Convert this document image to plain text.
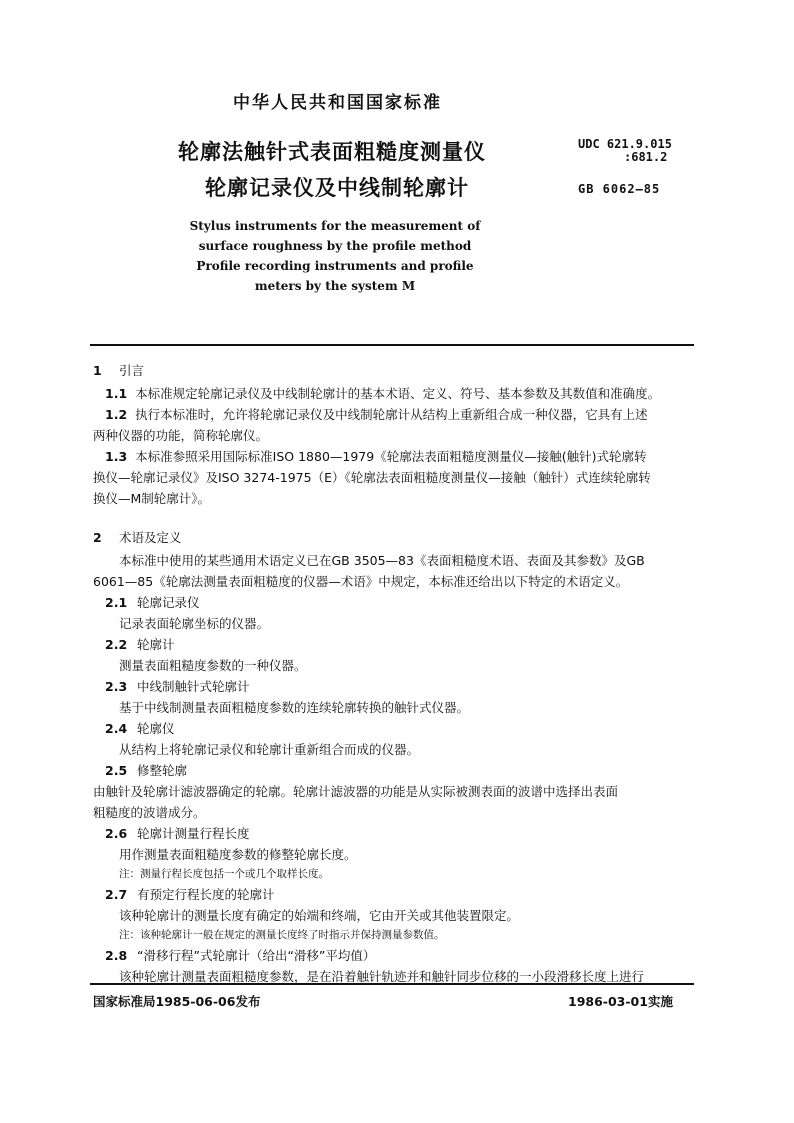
中华人民共和国国家标准
轮廓法触针式表面粗糙度测量仪
轮廓记录仪及中线制轮廓计
UDC 621.9.015
:681.2
GB 6062—85
Stylus instruments for the measurement of
surface roughness by the profile method
Profile recording instruments and profile
meters by the system M
1 引言
1.1 本标准规定轮廓记录仪及中线制轮廓计的基本术语、定义、符号、基本参数及其数值和准确度。
1.2 执行本标准时，允许将轮廓记录仪及中线制轮廓计从结构上重新组合成一种仪器，它具有上述
两种仪器的功能，简称轮廓仪。
1.3 本标准参照采用国际标准ISO 1880—1979《轮廓法表面粗糙度测量仪—接触(触针)式轮廓转
换仪—轮廓记录仪》及ISO 3274-1975（E）《轮廓法表面粗糙度测量仪—接触（触针）式连续轮廓转
换仪—M制轮廓计》。
2 术语及定义
本标准中使用的某些通用术语定义已在GB 3505—83《表面粗糙度术语、表面及其参数》及GB
6061—85《轮廓法测量表面粗糙度的仪器—术语》中规定，本标准还给出以下特定的术语定义。
2.1 轮廓记录仪
记录表面轮廓坐标的仪器。
2.2 轮廓计
测量表面粗糙度参数的一种仪器。
2.3 中线制触针式轮廓计
基于中线制测量表面粗糙度参数的连续轮廓转换的触针式仪器。
2.4 轮廓仪
从结构上将轮廓记录仪和轮廓计重新组合而成的仪器。
2.5 修整轮廓
由触针及轮廓计滤波器确定的轮廓。轮廓计滤波器的功能是从实际被测表面的波谱中选择出表面
粗糙度的波谱成分。
2.6 轮廓计测量行程长度
用作测量表面粗糙度参数的修整轮廓长度。
注：测量行程长度包括一个或几个取样长度。
2.7 有预定行程长度的轮廓计
该种轮廓计的测量长度有确定的始端和终端，它由开关或其他装置限定。
注：该种轮廓计一般在规定的测量长度终了时指示并保持测量参数值。
2.8 “滑移行程”式轮廓计（给出“滑移”平均值）
该种轮廓计测量表面粗糙度参数，是在沿着触针轨迹并和触针同步位移的一小段滑移长度上进行
国家标准局1985-06-06发布	1986-03-01实施
